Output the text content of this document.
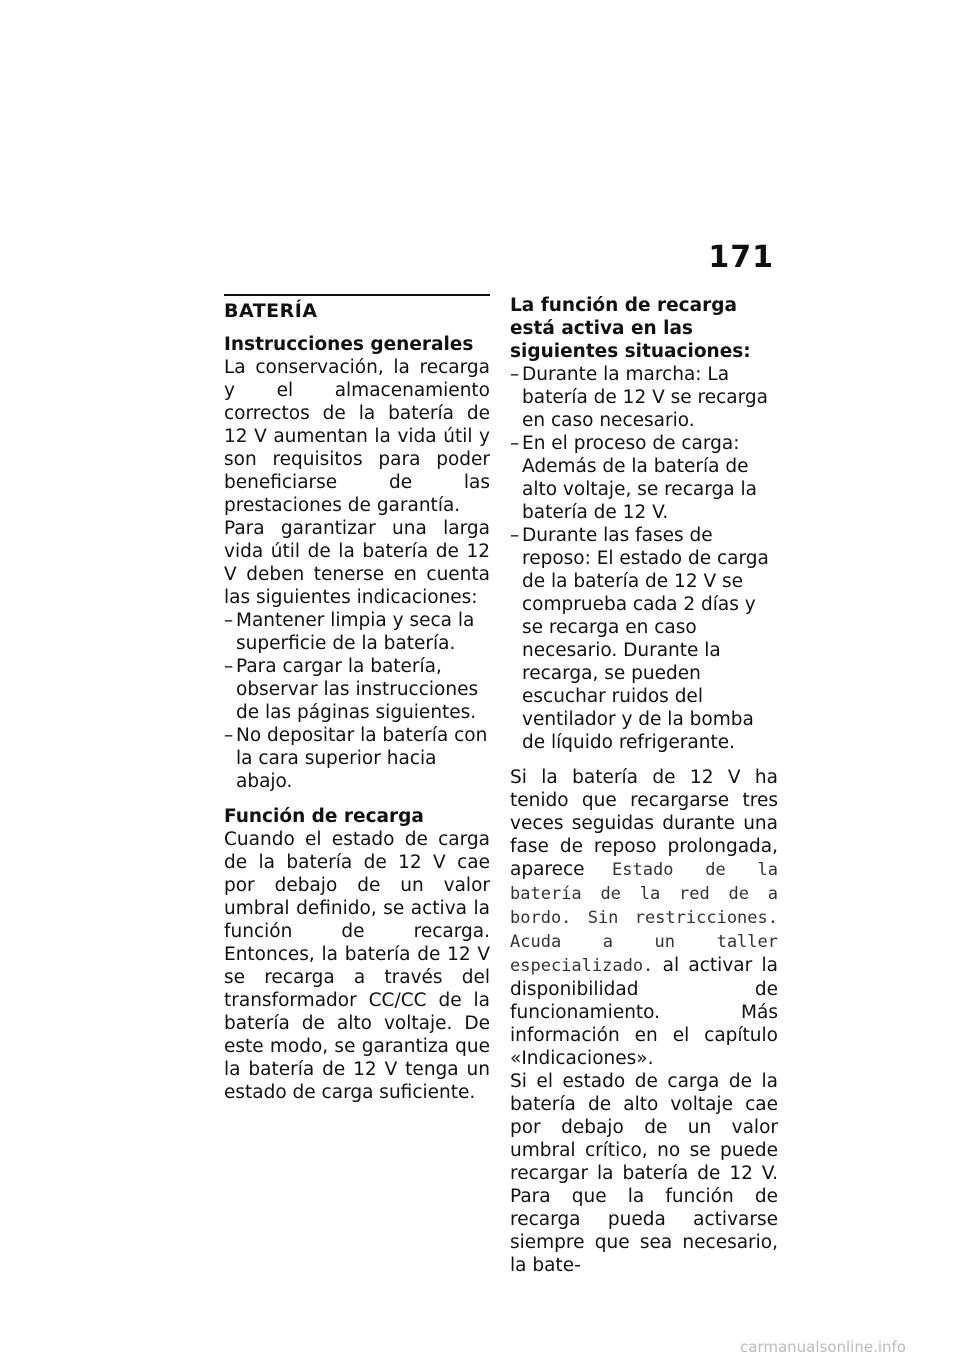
171
BATERÍA

Instrucciones generales

La conservación, la recarga y el almacenamiento correctos de la batería de 12 V aumentan la vida útil y son requisitos para poder beneficiarse de las prestaciones de garantía.

Para garantizar una larga vida útil de la batería de 12 V deben tenerse en cuenta las siguientes indicaciones:

– Mantener limpia y seca la superficie de la batería.
– Para cargar la batería, observar las instrucciones de las páginas siguientes.
– No depositar la batería con la cara superior hacia abajo.

Función de recarga

Cuando el estado de carga de la batería de 12 V cae por debajo de un valor umbral definido, se activa la función de recarga. Entonces, la batería de 12 V se recarga a través del transformador CC/CC de la batería de alto voltaje. De este modo, se garantiza que la batería de 12 V tenga un estado de carga suficiente.

La función de recarga está activa en las siguientes situaciones:

– Durante la marcha: La batería de 12 V se recarga en caso necesario.
– En el proceso de carga: Además de la batería de alto voltaje, se recarga la batería de 12 V.
– Durante las fases de reposo: El estado de carga de la batería de 12 V se comprueba cada 2 días y se recarga en caso necesario. Durante la recarga, se pueden escuchar ruidos del ventilador y de la bomba de líquido refrigerante.

Si la batería de 12 V ha tenido que recargarse tres veces seguidas durante una fase de reposo prolongada, aparece Estado de la batería de la red de a bordo. Sin restricciones. Acuda a un taller especializado. al activar la disponibilidad de funcionamiento. Más información en el capítulo «Indicaciones».

Si el estado de carga de la batería de alto voltaje cae por debajo de un valor umbral crítico, no se puede recargar la batería de 12 V. Para que la función de recarga pueda activarse siempre que sea necesario, la bate-

carmanualsonline.info
